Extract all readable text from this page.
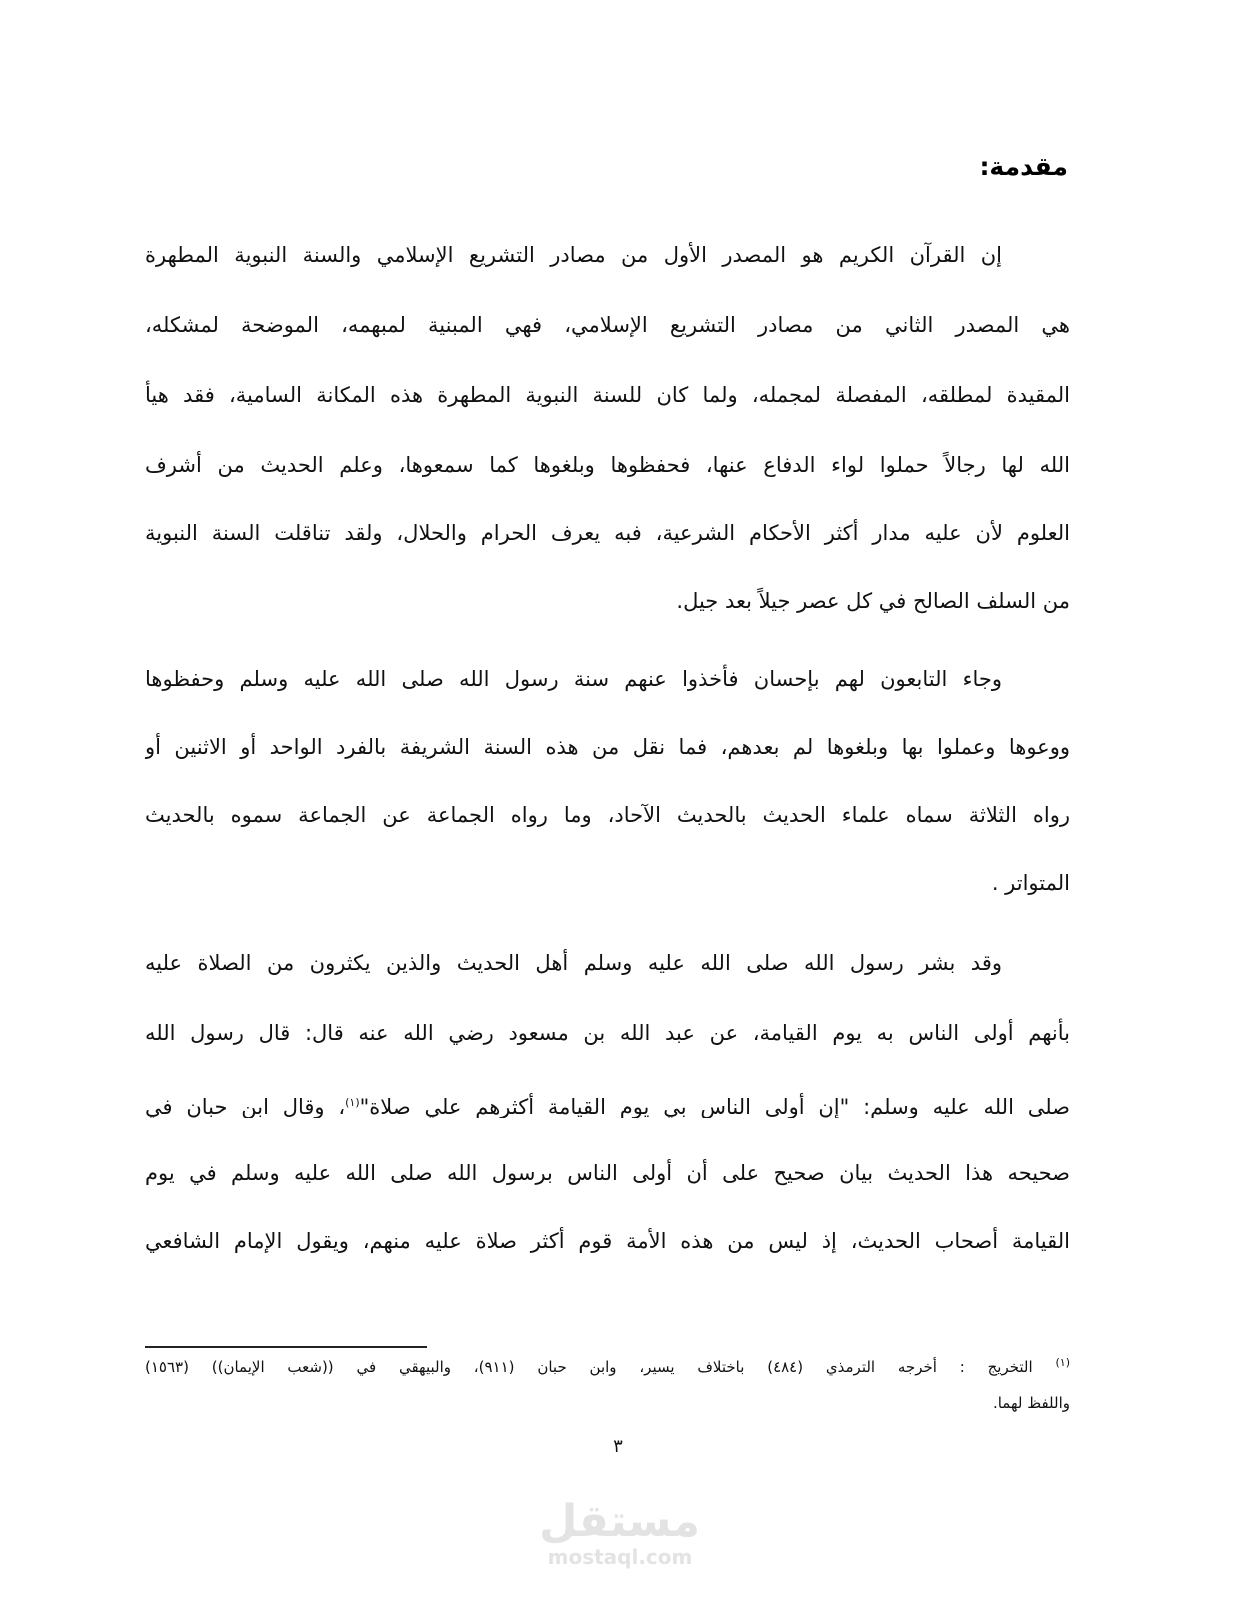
مقدمة:
إن القرآن الكريم هو المصدر الأول من مصادر التشريع الإسلامي والسنة النبوية المطهرة
هي المصدر الثاني من مصادر التشريع الإسلامي، فهي المبنية لمبهمه، الموضحة لمشكله،
المقيدة لمطلقه، المفصلة لمجمله، ولما كان للسنة النبوية المطهرة هذه المكانة السامية، فقد هيأ
الله لها رجالاً حملوا لواء الدفاع عنها، فحفظوها وبلغوها كما سمعوها، وعلم الحديث من أشرف
العلوم لأن عليه مدار أكثر الأحكام الشرعية، فبه يعرف الحرام والحلال، ولقد تناقلت السنة النبوية
من السلف الصالح في كل عصر جيلاً بعد جيل.
وجاء التابعون لهم بإحسان فأخذوا عنهم سنة رسول الله صلى الله عليه وسلم وحفظوها
ووعوها وعملوا بها وبلغوها لم بعدهم، فما نقل من هذه السنة الشريفة بالفرد الواحد أو الاثنين أو
رواه الثلاثة سماه علماء الحديث بالحديث الآحاد، وما رواه الجماعة عن الجماعة سموه بالحديث
المتواتر .
وقد بشر رسول الله صلى الله عليه وسلم أهل الحديث والذين يكثرون من الصلاة عليه
بأنهم أولى الناس به يوم القيامة، عن عبد الله بن مسعود رضي الله عنه قال: قال رسول الله
صلى الله عليه وسلم: "إن أولى الناس بي يوم القيامة أكثرهم علي صلاة"$^{(١)}$، وقال ابن حبان في
صحيحه هذا الحديث بيان صحيح على أن أولى الناس برسول الله صلى الله عليه وسلم في يوم
القيامة أصحاب الحديث، إذ ليس من هذه الأمة قوم أكثر صلاة عليه منهم، ويقول الإمام الشافعي
$^{(١)}$ التخريج : أخرجه الترمذي (٤٨٤) باختلاف يسير، وابن حبان (٩١١)، والبيهقي في ((شعب الإيمان)) (١٥٦٣)
واللفظ لهما.
٣
مستقل
mostaql.com
